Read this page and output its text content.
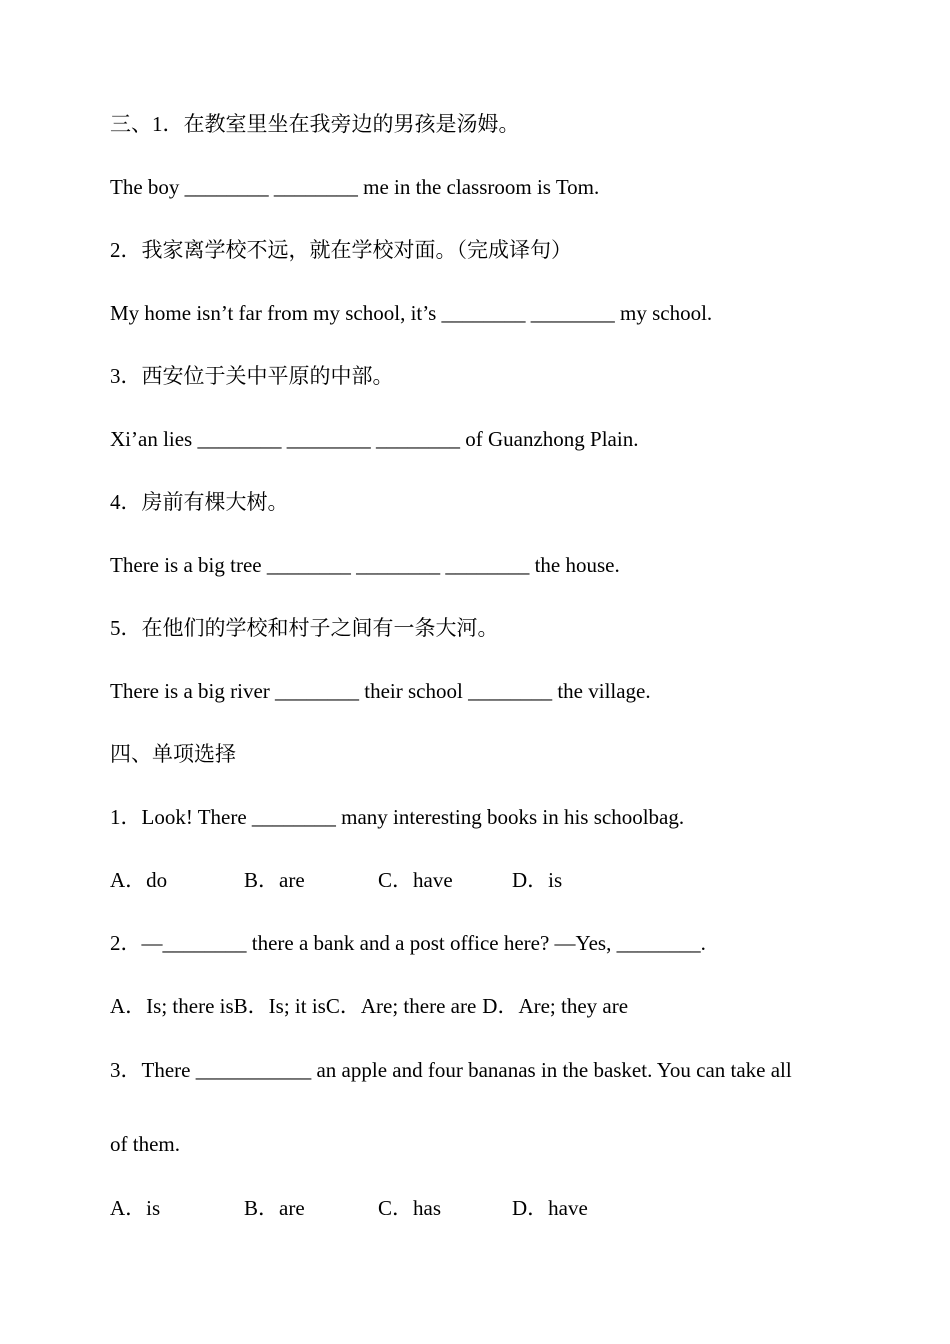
三、1．在教室里坐在我旁边的男孩是汤姆。
The boy ________ ________ me in the classroom is Tom.
2．我家离学校不远，就在学校对面。（完成译句）
My home isn’t far from my school, it’s ________ ________ my school.
3．西安位于关中平原的中部。
Xi’an lies ________ ________ ________ of Guanzhong Plain.
4．房前有棵大树。
There is a big tree ________ ________ ________ the house.
5．在他们的学校和村子之间有一条大河。
There is a big river ________ their school ________ the village.
四、单项选择
1．Look! There ________ many interesting books in his schoolbag.
A．do	B．are	C．have	D．is
2．—________ there a bank and a post office here? —Yes, ________.
A．Is; there is B．Is; it is C．Are; there are D．Are; they are
3．There ___________ an apple and four bananas in the basket. You can take all
of them.
A．is	B．are	C．has	D．have
